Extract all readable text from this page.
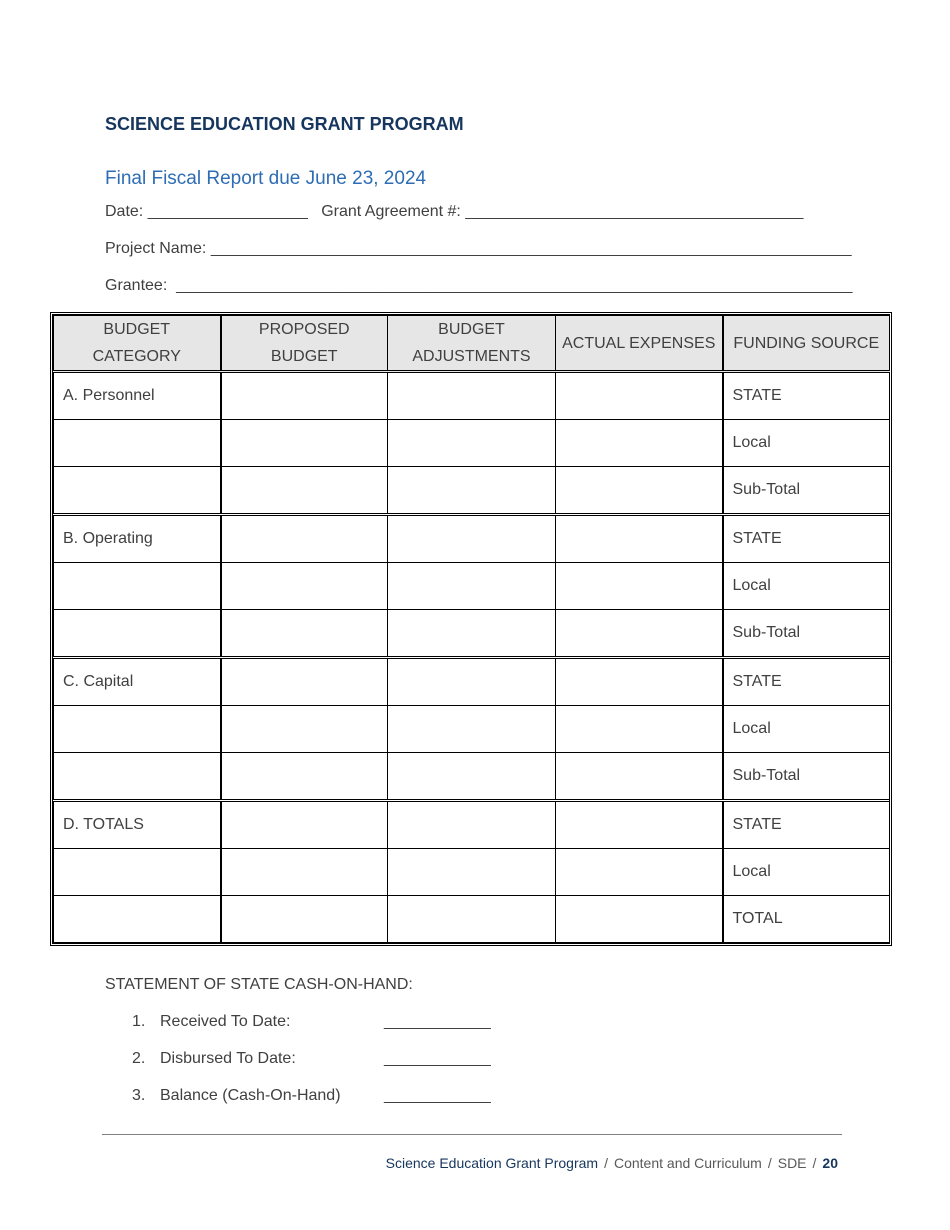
SCIENCE EDUCATION GRANT PROGRAM
Final Fiscal Report due June 23, 2024
Date: __________________ Grant Agreement #: ______________________________________
Project Name: ________________________________________________________________________
Grantee: ____________________________________________________________________________
BUDGET CATEGORY	PROPOSED BUDGET	BUDGET ADJUSTMENTS	ACTUAL EXPENSES	FUNDING SOURCE
A. Personnel				STATE
				Local
				Sub-Total
B. Operating				STATE
				Local
				Sub-Total
C. Capital				STATE
				Local
				Sub-Total
D. TOTALS				STATE
				Local
				TOTAL
STATEMENT OF STATE CASH-ON-HAND:
1. Received To Date:	____________
2. Disbursed To Date:	____________
3. Balance (Cash-On-Hand)	____________
Science Education Grant Program / Content and Curriculum / SDE / 20
